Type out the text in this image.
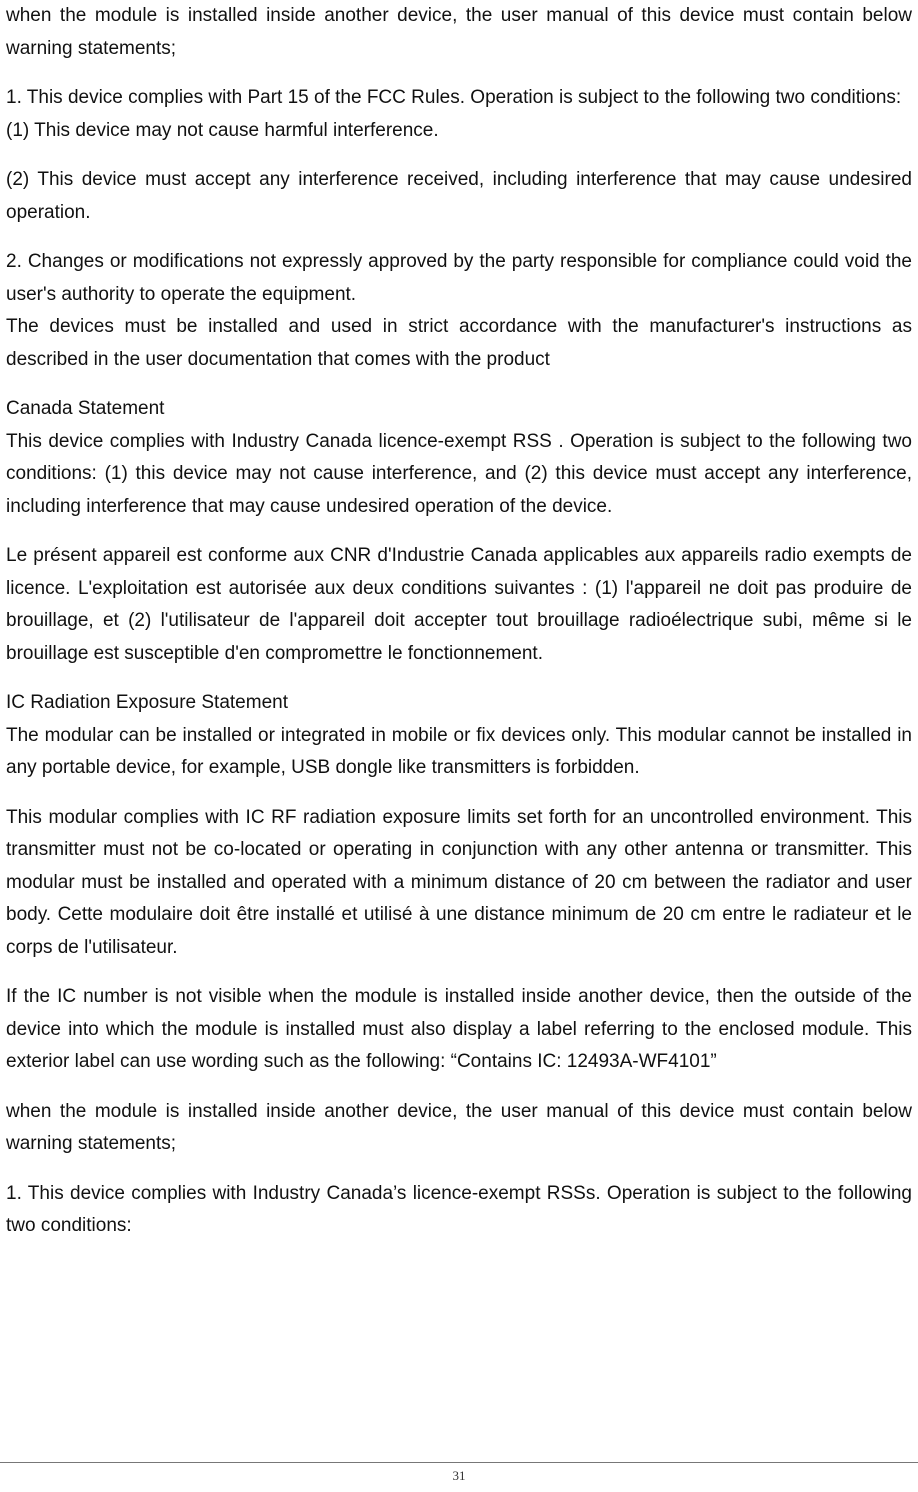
when the module is installed inside another device, the user manual of this device must contain below warning statements;

1. This device complies with Part 15 of the FCC Rules. Operation is subject to the following two conditions:

(1) This device may not cause harmful interference.

(2) This device must accept any interference received, including interference that may cause undesired operation.

2. Changes or modifications not expressly approved by the party responsible for compliance could void the user's authority to operate the equipment.

The devices must be installed and used in strict accordance with the manufacturer's instructions as described in the user documentation that comes with the product

Canada Statement

This device complies with Industry Canada licence-exempt RSS . Operation is subject to the following two conditions: (1) this device may not cause interference, and (2) this device must accept any interference, including interference that may cause undesired operation of the device.

Le présent appareil est conforme aux CNR d'Industrie Canada applicables aux appareils radio exempts de licence. L'exploitation est autorisée aux deux conditions suivantes : (1) l'appareil ne doit pas produire de brouillage, et (2) l'utilisateur de l'appareil doit accepter tout brouillage radioélectrique subi, même si le brouillage est susceptible d'en compromettre le fonctionnement.

IC Radiation Exposure Statement

The modular can be installed or integrated in mobile or fix devices only. This modular cannot be installed in any portable device, for example, USB dongle like transmitters is forbidden.

This modular complies with IC RF radiation exposure limits set forth for an uncontrolled environment. This transmitter must not be co-located or operating in conjunction with any other antenna or transmitter. This modular must be installed and operated with a minimum distance of 20 cm between the radiator and user body. Cette modulaire doit être installé et utilisé à une distance minimum de 20 cm entre le radiateur et le corps de l'utilisateur.

If the IC number is not visible when the module is installed inside another device, then the outside of the device into which the module is installed must also display a label referring to the enclosed module. This exterior label can use wording such as the following: “Contains IC: 12493A-WF4101”

when the module is installed inside another device, the user manual of this device must contain below warning statements;

1. This device complies with Industry Canada’s licence-exempt RSSs. Operation is subject to the following two conditions:

31
